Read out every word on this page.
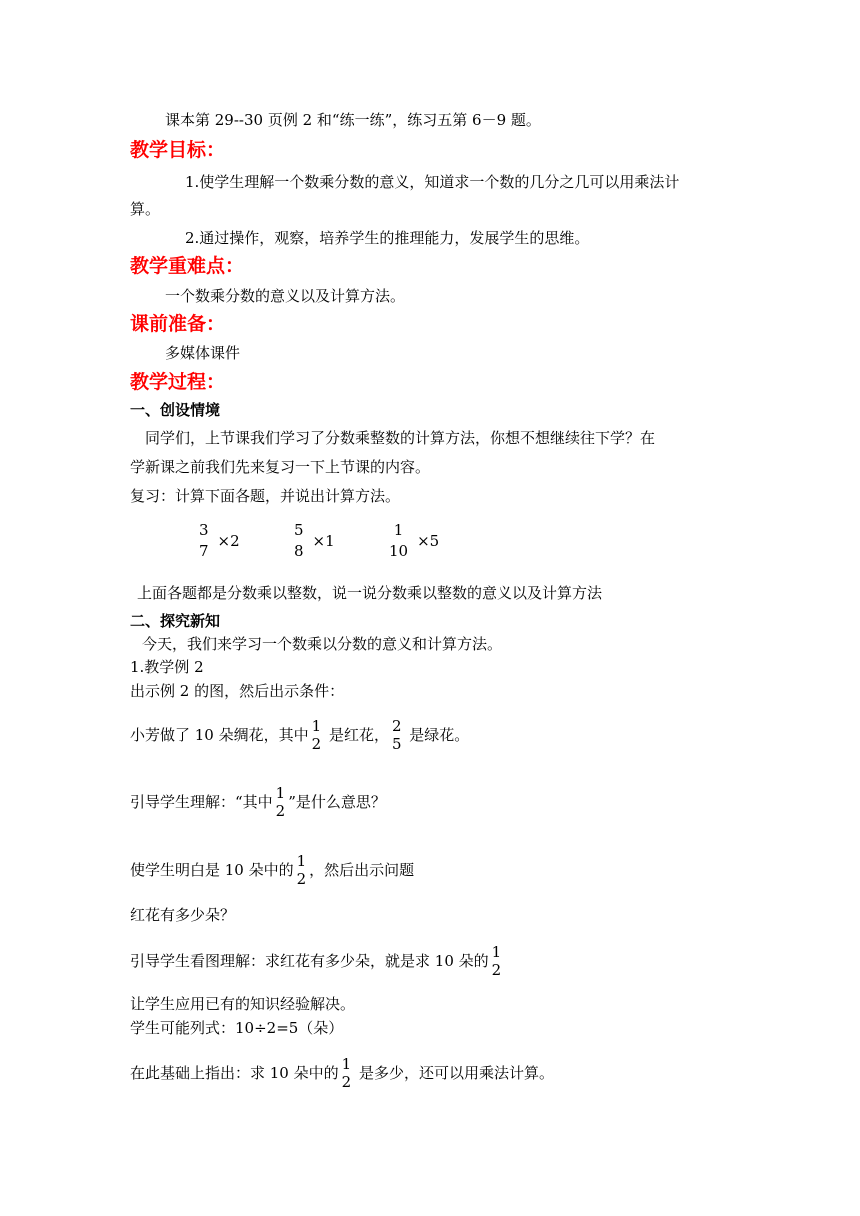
课本第 29--30 页例 2 和“练一练”，练习五第 6－9 题。
教学目标：
1.使学生理解一个数乘分数的意义，知道求一个数的几分之几可以用乘法计
算。
2.通过操作，观察，培养学生的推理能力，发展学生的思维。
教学重难点：
一个数乘分数的意义以及计算方法。
课前准备：
多媒体课件
教学过程：
一、创设情境
同学们，上节课我们学习了分数乘整数的计算方法，你想不想继续往下学？在
学新课之前我们先来复习一下上节课的内容。
复习：计算下面各题，并说出计算方法。
3
7
×2
5
8
×1
1
10
×5
上面各题都是分数乘以整数，说一说分数乘以整数的意义以及计算方法
二、探究新知
今天，我们来学习一个数乘以分数的意义和计算方法。
1.教学例 2
出示例 2 的图，然后出示条件：
小芳做了 10 朵绸花，其中 1
2 是红花， 2
5 是绿花。
引导学生理解：“其中 1
2 ”是什么意思？
使学生明白是 10 朵中的 1
2 ，然后出示问题
红花有多少朵？
引导学生看图理解：求红花有多少朵，就是求 10 朵的 1
2
让学生应用已有的知识经验解决。
学生可能列式：10÷2=5（朵）
在此基础上指出：求 10 朵中的 1
2 是多少，还可以用乘法计算。
